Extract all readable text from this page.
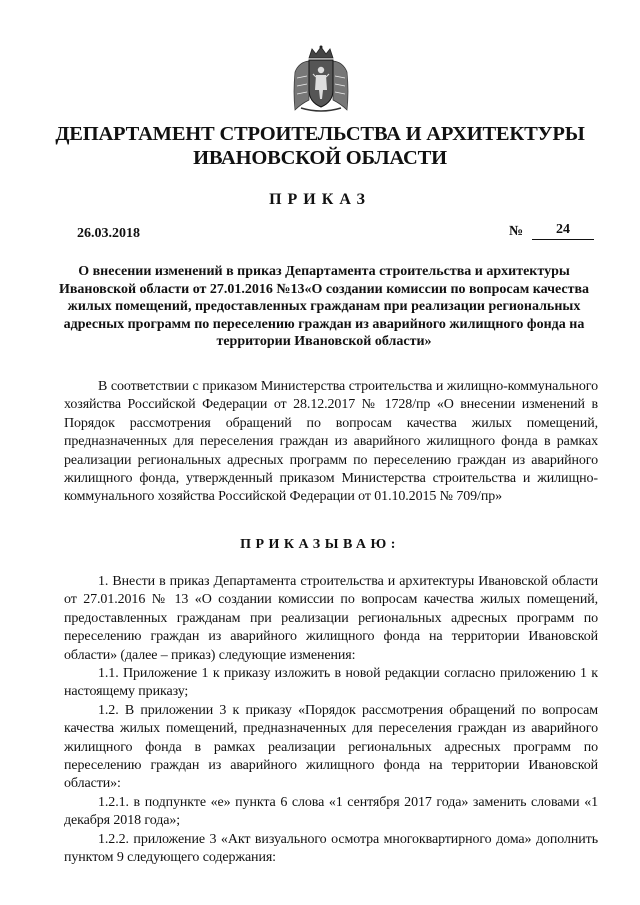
ДЕПАРТАМЕНТ СТРОИТЕЛЬСТВА И АРХИТЕКТУРЫ
ИВАНОВСКОЙ ОБЛАСТИ
ПРИКАЗ
26.03.2018	№	24
О внесении изменений в приказ Департамента строительства и архитектуры Ивановской области от 27.01.2016 №13«О создании комиссии по вопросам качества жилых помещений, предоставленных гражданам при реализации региональных адресных программ по переселению граждан из аварийного жилищного фонда на территории Ивановской области»

В соответствии с приказом Министерства строительства и жилищно-коммунального хозяйства Российской Федерации от 28.12.2017 № 1728/пр «О внесении изменений в Порядок рассмотрения обращений по вопросам качества жилых помещений, предназначенных для переселения граждан из аварийного жилищного фонда в рамках реализации региональных адресных программ по переселению граждан из аварийного жилищного фонда, утвержденный приказом Министерства строительства и жилищно-коммунального хозяйства Российской Федерации от 01.10.2015 № 709/пр»

ПРИКАЗЫВАЮ:

1. Внести в приказ Департамента строительства и архитектуры Ивановской области от 27.01.2016 № 13 «О создании комиссии по вопросам качества жилых помещений, предоставленных гражданам при реализации региональных адресных программ по переселению граждан из аварийного жилищного фонда на территории Ивановской области» (далее – приказ) следующие изменения:

1.1. Приложение 1 к приказу изложить в новой редакции согласно приложению 1 к настоящему приказу;

1.2. В приложении 3 к приказу «Порядок рассмотрения обращений по вопросам качества жилых помещений, предназначенных для переселения граждан из аварийного жилищного фонда в рамках реализации региональных адресных программ по переселению граждан из аварийного жилищного фонда на территории Ивановской области»:

1.2.1. в подпункте «е» пункта 6 слова «1 сентября 2017 года» заменить словами «1 декабря 2018 года»;

1.2.2. приложение 3 «Акт визуального осмотра многоквартирного дома» дополнить пунктом 9 следующего содержания:
